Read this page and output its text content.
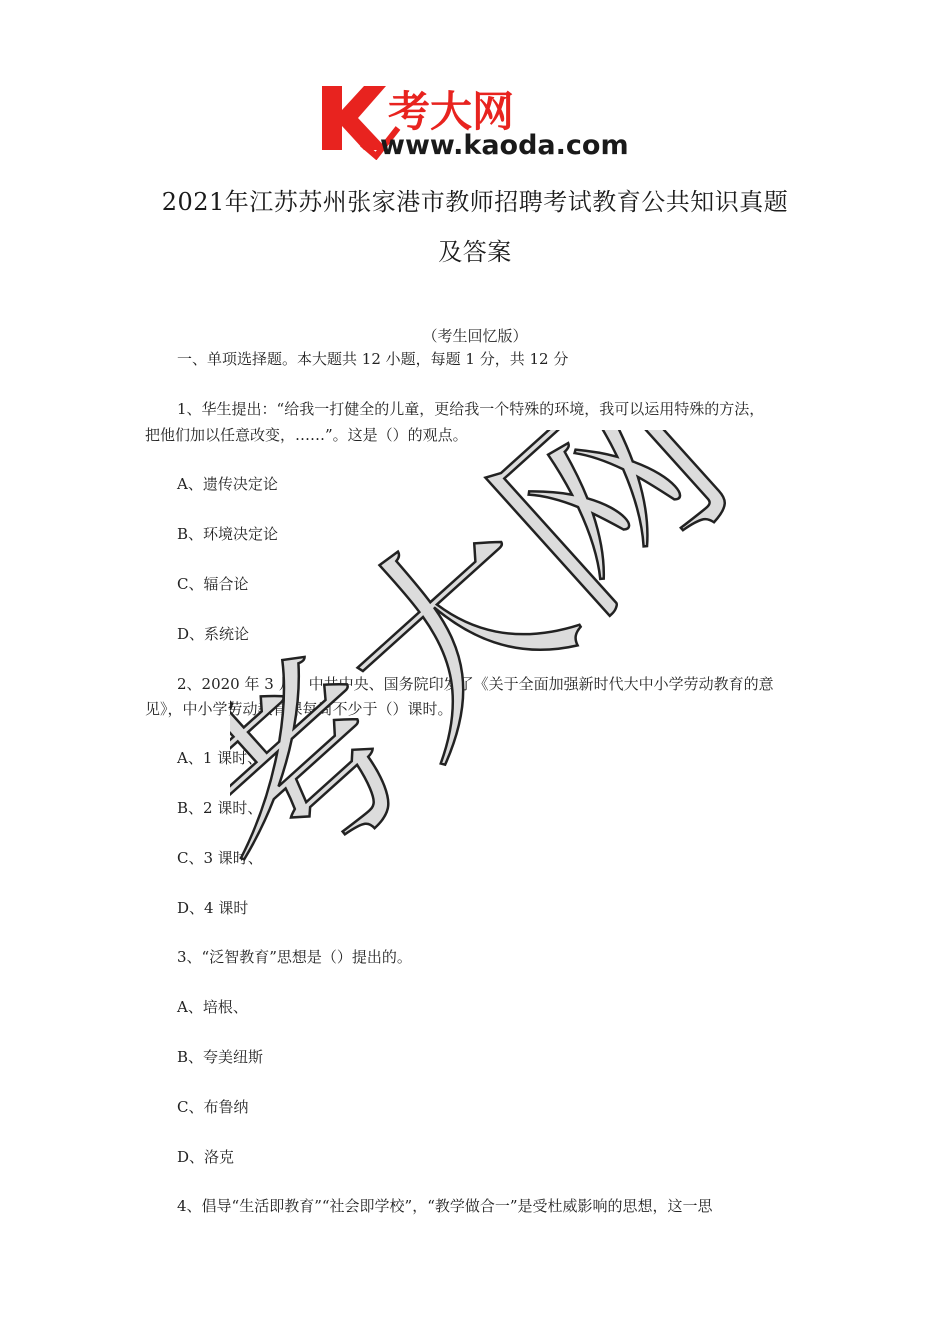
考大网
www.kaoda.com
2021年江苏苏州张家港市教师招聘考试教育公共知识真题
及答案
（考生回忆版）
一、单项选择题。本大题共 12 小题，每题 1 分，共 12 分
1、华生提出：“给我一打健全的儿童，更给我一个特殊的环境，我可以运用特殊的方法，
把他们加以任意改变，……”。这是（）的观点。
A、遗传决定论
B、环境决定论
C、辐合论
D、系统论
2、2020 年 3 月，中共中央、国务院印发了《关于全面加强新时代大中小学劳动教育的意
见》，中小学劳动教育课每周不少于（）课时。
A、1 课时、
B、2 课时、
C、3 课时、
D、4 课时
3、“泛智教育”思想是（）提出的。
A、培根、
B、夸美纽斯
C、布鲁纳
D、洛克
4、倡导“生活即教育”“社会即学校”，“教学做合一”是受杜威影响的思想，这一思
考大网
